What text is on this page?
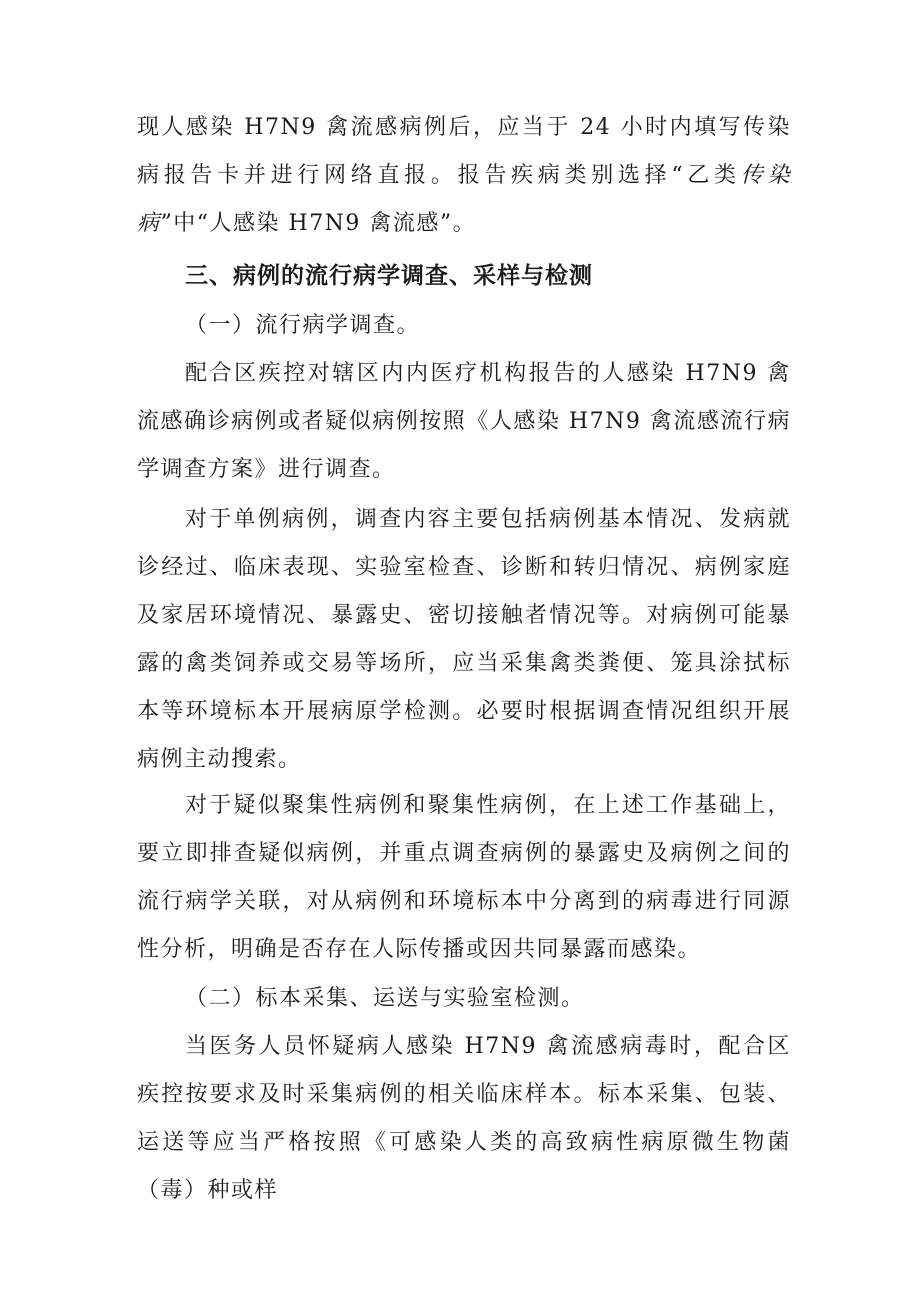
现人感染 H7N9 禽流感病例后，应当于 24 小时内填写传染病报告卡并进行网络直报。报告疾病类别选择“乙类传染病”中“人感染 H7N9 禽流感”。

三、病例的流行病学调查、采样与检测

（一）流行病学调查。

配合区疾控对辖区内内医疗机构报告的人感染 H7N9 禽流感确诊病例或者疑似病例按照《人感染 H7N9 禽流感流行病学调查方案》进行调查。

对于单例病例，调查内容主要包括病例基本情况、发病就诊经过、临床表现、实验室检查、诊断和转归情况、病例家庭及家居环境情况、暴露史、密切接触者情况等。对病例可能暴露的禽类饲养或交易等场所，应当采集禽类粪便、笼具涂拭标本等环境标本开展病原学检测。必要时根据调查情况组织开展病例主动搜索。

对于疑似聚集性病例和聚集性病例，在上述工作基础上，要立即排查疑似病例，并重点调查病例的暴露史及病例之间的流行病学关联，对从病例和环境标本中分离到的病毒进行同源性分析，明确是否存在人际传播或因共同暴露而感染。

（二）标本采集、运送与实验室检测。

当医务人员怀疑病人感染 H7N9 禽流感病毒时，配合区疾控按要求及时采集病例的相关临床样本。标本采集、包装、运送等应当严格按照《可感染人类的高致病性病原微生物菌（毒）种或样
